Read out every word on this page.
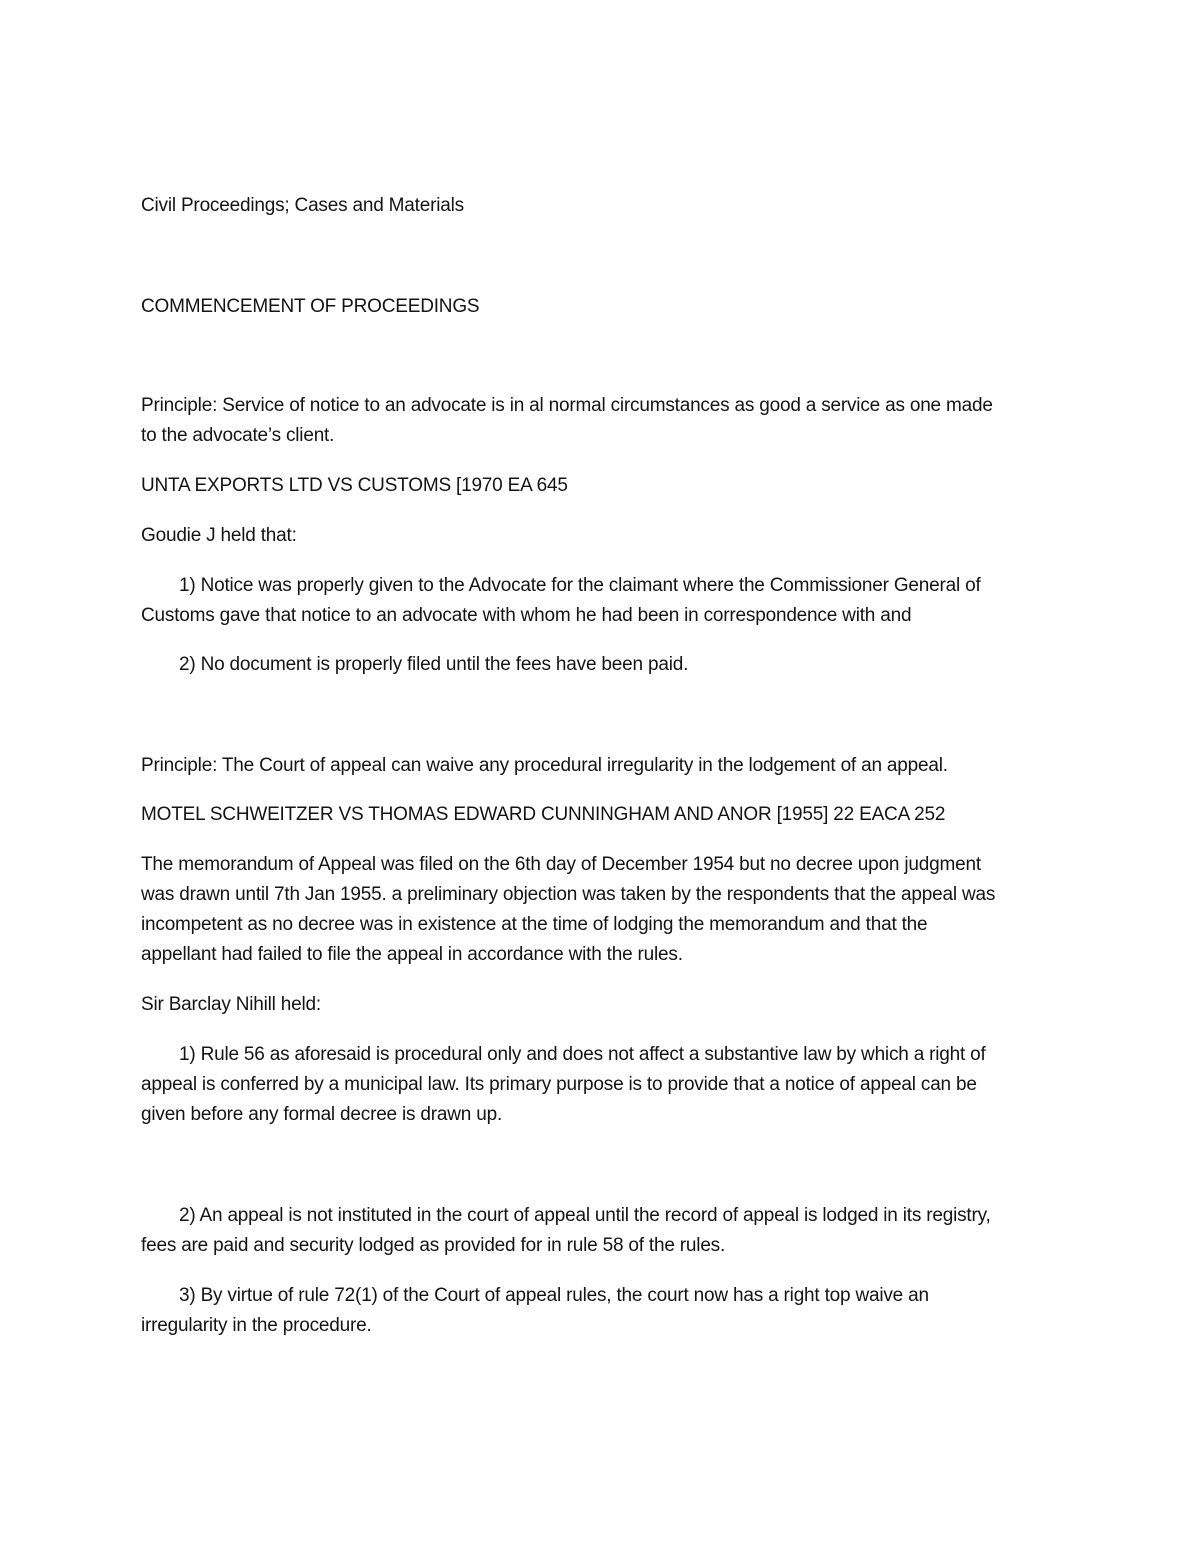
Civil Proceedings; Cases and Materials

COMMENCEMENT OF PROCEEDINGS

Principle: Service of notice to an advocate is in al normal circumstances as good a service as one made

to the advocate’s client.

UNTA EXPORTS LTD VS CUSTOMS [1970 EA 645

Goudie J held that:

1) Notice was properly given to the Advocate for the claimant where the Commissioner General of

Customs gave that notice to an advocate with whom he had been in correspondence with and

2) No document is properly filed until the fees have been paid.

Principle: The Court of appeal can waive any procedural irregularity in the lodgement of an appeal.

MOTEL SCHWEITZER VS THOMAS EDWARD CUNNINGHAM AND ANOR [1955] 22 EACA 252

The memorandum of Appeal was filed on the 6th day of December 1954 but no decree upon judgment

was drawn until 7th Jan 1955. a preliminary objection was taken by the respondents that the appeal was

incompetent as no decree was in existence at the time of lodging the memorandum and that the

appellant had failed to file the appeal in accordance with the rules.

Sir Barclay Nihill held:

1) Rule 56 as aforesaid is procedural only and does not affect a substantive law by which a right of

appeal is conferred by a municipal law. Its primary purpose is to provide that a notice of appeal can be

given before any formal decree is drawn up.

2) An appeal is not instituted in the court of appeal until the record of appeal is lodged in its registry,

fees are paid and security lodged as provided for in rule 58 of the rules.

3) By virtue of rule 72(1) of the Court of appeal rules, the court now has a right top waive an

irregularity in the procedure.
